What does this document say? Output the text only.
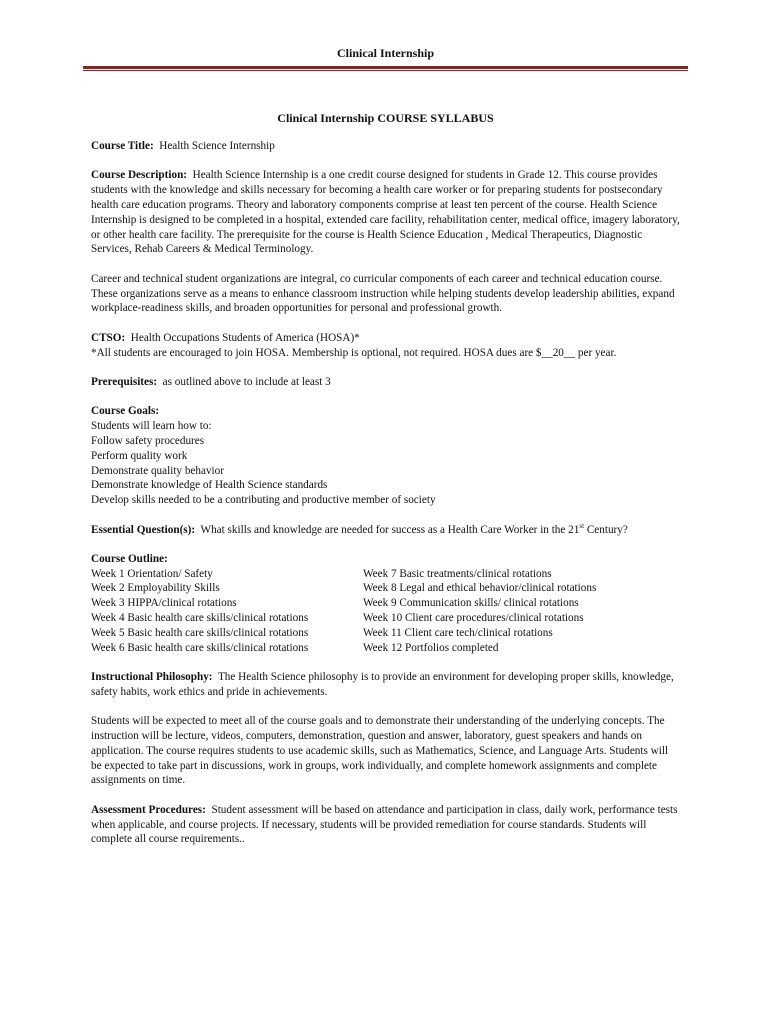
Clinical Internship
Clinical Internship COURSE SYLLABUS

Course Title: Health Science Internship

Course Description: Health Science Internship is a one credit course designed for students in Grade 12. This course provides students with the knowledge and skills necessary for becoming a health care worker or for preparing students for postsecondary health care education programs. Theory and laboratory components comprise at least ten percent of the course. Health Science Internship is designed to be completed in a hospital, extended care facility, rehabilitation center, medical office, imagery laboratory, or other health care facility. The prerequisite for the course is Health Science Education , Medical Therapeutics, Diagnostic Services, Rehab Careers & Medical Terminology.

Career and technical student organizations are integral, co curricular components of each career and technical education course. These organizations serve as a means to enhance classroom instruction while helping students develop leadership abilities, expand workplace-readiness skills, and broaden opportunities for personal and professional growth.

CTSO: Health Occupations Students of America (HOSA)*
*All students are encouraged to join HOSA. Membership is optional, not required. HOSA dues are $__20__ per year.

Prerequisites: as outlined above to include at least 3

Course Goals:
Students will learn how to:
Follow safety procedures
Perform quality work
Demonstrate quality behavior
Demonstrate knowledge of Health Science standards
Develop skills needed to be a contributing and productive member of society

Essential Question(s): What skills and knowledge are needed for success as a Health Care Worker in the 21st Century?

Course Outline:
Week 1 Orientation/ Safety
Week 2 Employability Skills
Week 3 HIPPA/clinical rotations
Week 4 Basic health care skills/clinical rotations
Week 5 Basic health care skills/clinical rotations
Week 6 Basic health care skills/clinical rotations
Week 7 Basic treatments/clinical rotations
Week 8 Legal and ethical behavior/clinical rotations
Week 9 Communication skills/ clinical rotations
Week 10 Client care procedures/clinical rotations
Week 11 Client care tech/clinical rotations
Week 12 Portfolios completed

Instructional Philosophy: The Health Science philosophy is to provide an environment for developing proper skills, knowledge, safety habits, work ethics and pride in achievements.

Students will be expected to meet all of the course goals and to demonstrate their understanding of the underlying concepts. The instruction will be lecture, videos, computers, demonstration, question and answer, laboratory, guest speakers and hands on application. The course requires students to use academic skills, such as Mathematics, Science, and Language Arts. Students will be expected to take part in discussions, work in groups, work individually, and complete homework assignments and complete assignments on time.

Assessment Procedures: Student assessment will be based on attendance and participation in class, daily work, performance tests when applicable, and course projects. If necessary, students will be provided remediation for course standards. Students will complete all course requirements..
